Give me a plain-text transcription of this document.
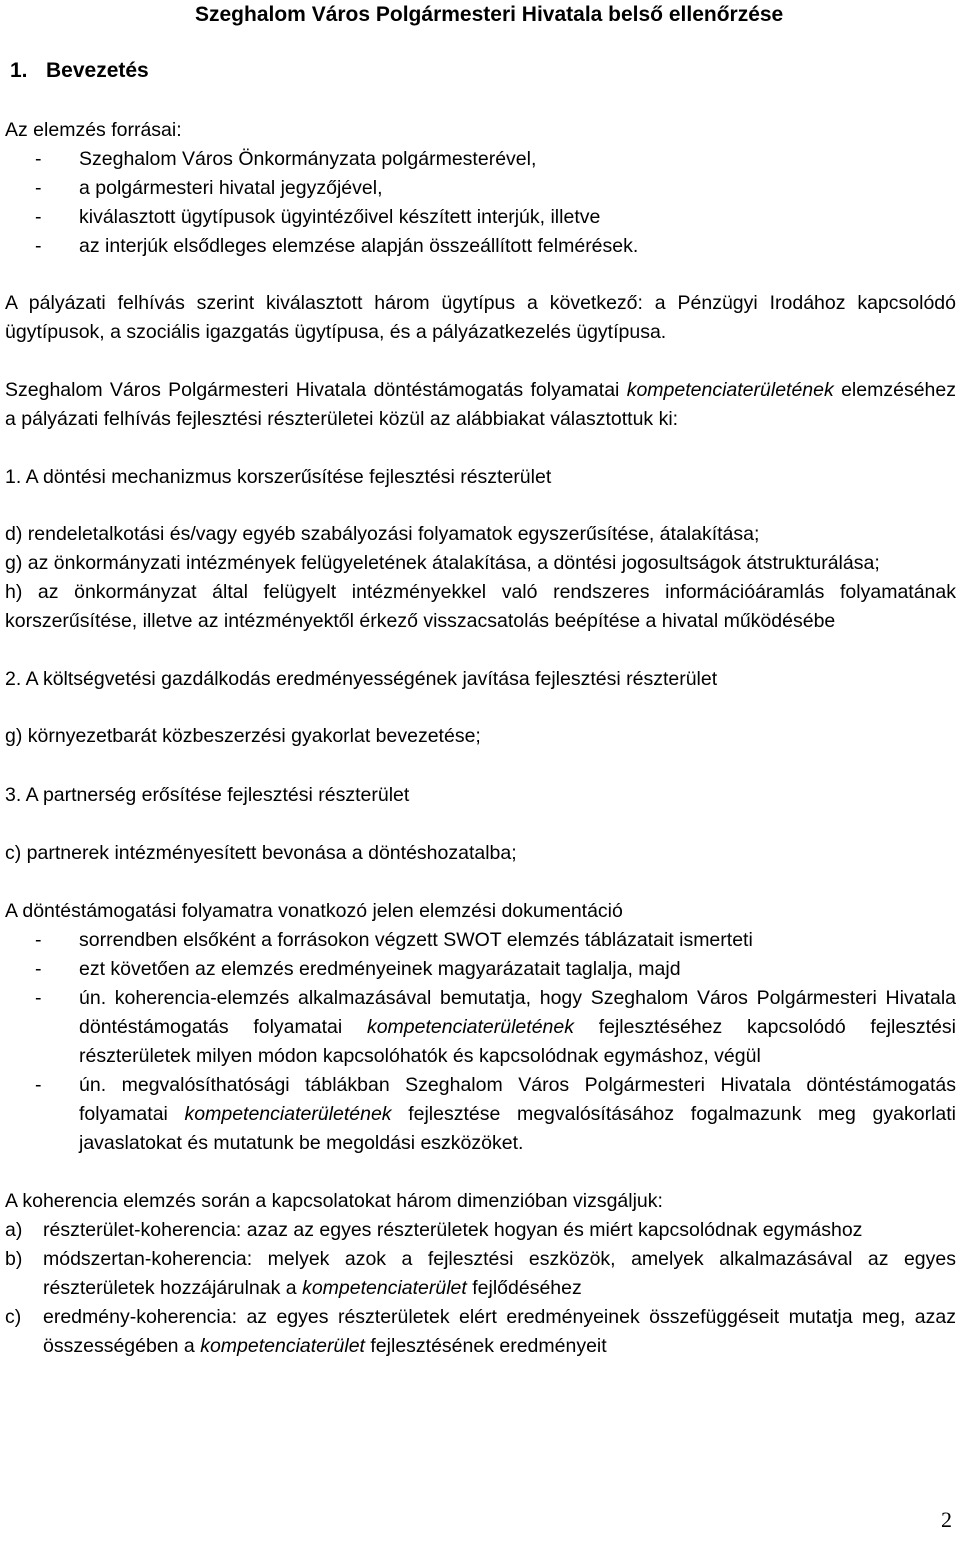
Szeghalom Város Polgármesteri Hivatala belső ellenőrzése
1. Bevezetés

Az elemzés forrásai:

- Szeghalom Város Önkormányzata polgármesterével,
- a polgármesteri hivatal jegyzőjével,
- kiválasztott ügytípusok ügyintézőivel készített interjúk, illetve
- az interjúk elsődleges elemzése alapján összeállított felmérések.

A pályázati felhívás szerint kiválasztott három ügytípus a következő: a Pénzügyi Irodához kapcsolódó ügytípusok, a szociális igazgatás ügytípusa, és a pályázatkezelés ügytípusa.

Szeghalom Város Polgármesteri Hivatala döntéstámogatás folyamatai kompetenciaterületének elemzéséhez a pályázati felhívás fejlesztési részterületei közül az alábbiakat választottuk ki:

1. A döntési mechanizmus korszerűsítése fejlesztési részterület

d) rendeletalkotási és/vagy egyéb szabályozási folyamatok egyszerűsítése, átalakítása;

g) az önkormányzati intézmények felügyeletének átalakítása, a döntési jogosultságok átstrukturálása;

h) az önkormányzat által felügyelt intézményekkel való rendszeres információáramlás folyamatának korszerűsítése, illetve az intézményektől érkező visszacsatolás beépítése a hivatal működésébe

2. A költségvetési gazdálkodás eredményességének javítása fejlesztési részterület

g) környezetbarát közbeszerzési gyakorlat bevezetése;

3. A partnerség erősítése fejlesztési részterület

c) partnerek intézményesített bevonása a döntéshozatalba;

A döntéstámogatási folyamatra vonatkozó jelen elemzési dokumentáció

- sorrendben elsőként a forrásokon végzett SWOT elemzés táblázatait ismerteti
- ezt követően az elemzés eredményeinek magyarázatait taglalja, majd
- ún. koherencia-elemzés alkalmazásával bemutatja, hogy Szeghalom Város Polgármesteri Hivatala döntéstámogatás folyamatai kompetenciaterületének fejlesztéséhez kapcsolódó fejlesztési részterületek milyen módon kapcsolóhatók és kapcsolódnak egymáshoz, végül
- ún. megvalósíthatósági táblákban Szeghalom Város Polgármesteri Hivatala döntéstámogatás folyamatai kompetenciaterületének fejlesztése megvalósításához fogalmazunk meg gyakorlati javaslatokat és mutatunk be megoldási eszközöket.

A koherencia elemzés során a kapcsolatokat három dimenzióban vizsgáljuk:

a) részterület-koherencia: azaz az egyes részterületek hogyan és miért kapcsolódnak egymáshoz
b) módszertan-koherencia: melyek azok a fejlesztési eszközök, amelyek alkalmazásával az egyes részterületek hozzájárulnak a kompetenciaterület fejlődéséhez
c) eredmény-koherencia: az egyes részterületek elért eredményeinek összefüggéseit mutatja meg, azaz összességében a kompetenciaterület fejlesztésének eredményeit
2
